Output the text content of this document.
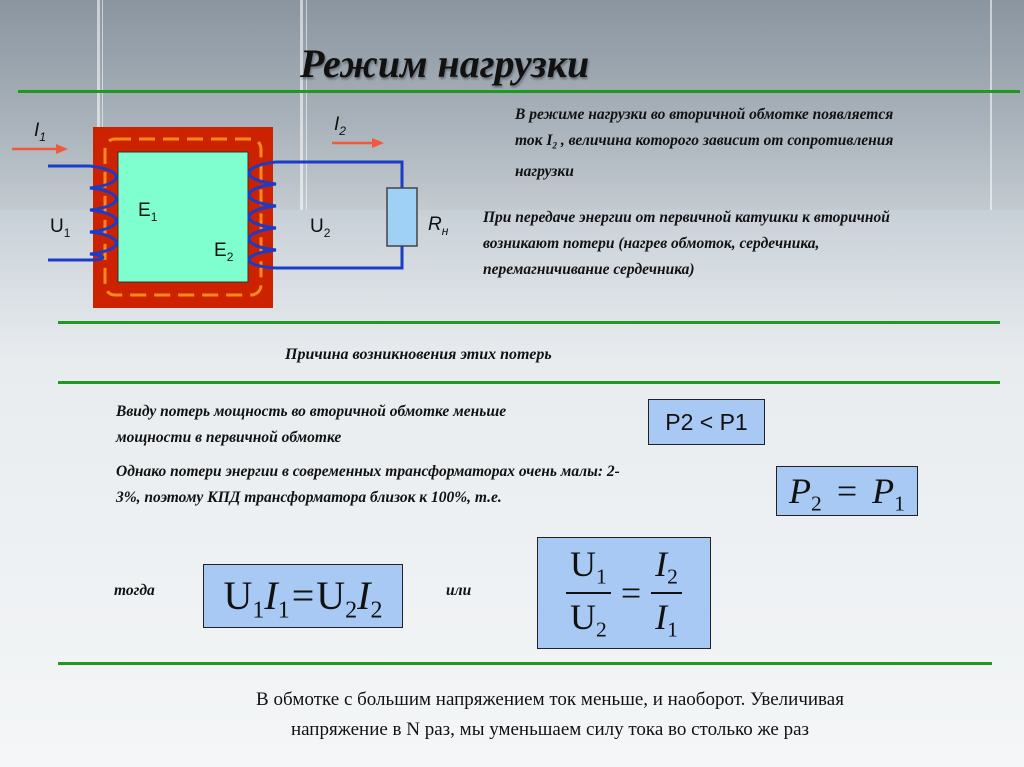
Режим нагрузки
$I_1$
$I_2$
$E_1$
$E_2$
$U_1$	$U_2$	$R_н$
В режиме нагрузки во вторичной обмотке появляется
ток $I_2$ , величина которого зависит от сопротивления
нагрузки
При передаче энергии от первичной катушки к вторичной
возникают потери (нагрев обмоток, сердечника,
перемагничивание сердечника)
Причина возникновения этих потерь
Ввиду потерь мощность во вторичной обмотке меньше
мощности в первичной обмотке
P2 < P1
Однако потери энергии в современных трансформаторах очень малы: 2-
3%, поэтому КПД трансформатора близок к 100%, т.е.	$P_2 = P_1$
тогда	$U_1I_1=U_2I_2$
или	$\frac{U_1}{U_2} = \frac{I_2}{I_1}$
В обмотке с большим напряжением ток меньше, и наоборот. Увеличивая
напряжение в N раз, мы уменьшаем силу тока во столько же раз
